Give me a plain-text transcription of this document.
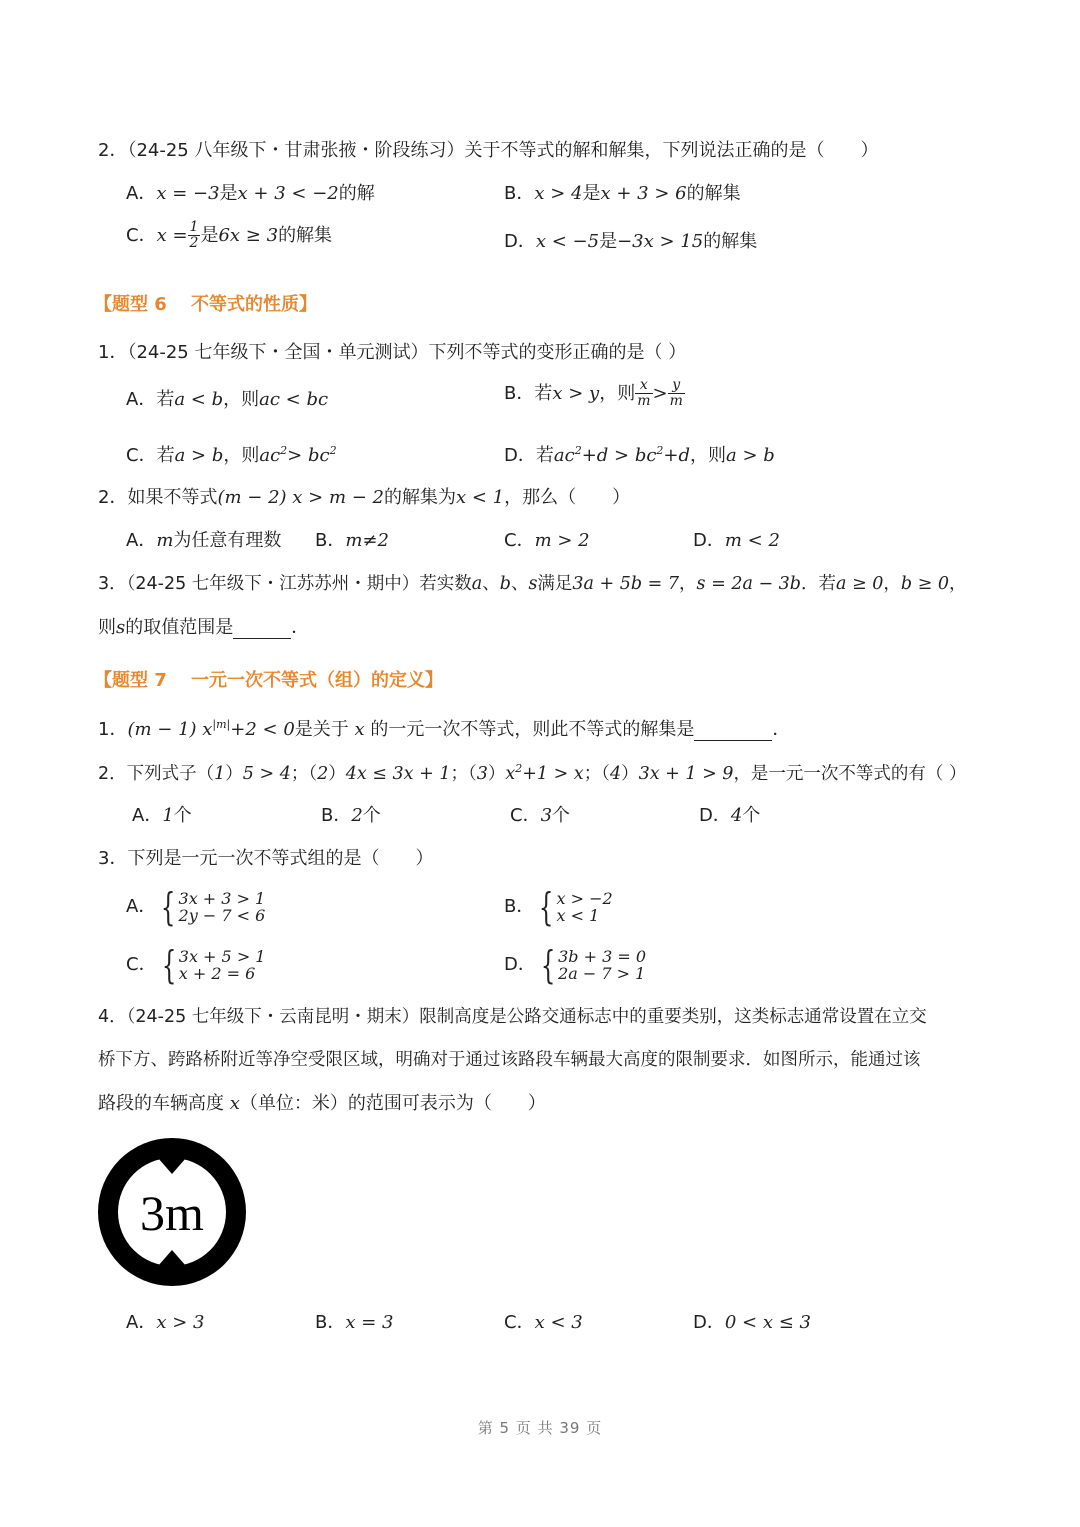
2．（24-25 八年级下・甘肃张掖・阶段练习）关于不等式的解和解集，下列说法正确的是（　　）
A．x = −3是x + 3 < −2的解	B．x > 4是x + 3 > 6的解集
C．$x = \frac{1}{2}$ 是6x ≥ 3的解集	D．x < −5是−3x > 15的解集
【题型 6　 不等式的性质】
1．（24-25 七年级下・全国・单元测试）下列不等式的变形正确的是（ ）
A．若a < b，则ac < bc	B．若x > y，则 $\frac{x}{m} > \frac{y}{m}$
C．若a > b，则$ac^2> bc^2$	D．若$ac^2+d > bc^2+d$，则a > b
2．如果不等式(m − 2) x > m − 2的解集为x < 1，那么（　　）
A．m为任意有理数 B．m≠2	C．m > 2	D．m < 2
3．（24-25 七年级下・江苏苏州・期中）若实数a、b、s满足3a + 5b = 7，s = 2a − 3b．若a ≥ 0，b ≥ 0，
则s的取值范围是	．
【题型 7　 一元一次不等式（组）的定义】
1．(m − 1) $x^{|m|}+2 < 0$是关于 x 的一元一次不等式，则此不等式的解集是	．
2．下列式子（1）5 > 4；（2）4x ≤ 3x + 1；$(3)x^2+1 > x$；（4）3x + 1 > 9，是一元一次不等式的有（ ）
A．1个	B．2个	C．3个	D．4个
3．下列是一元一次不等式组的是（　　）
A． { 3x + 3 > 1
2y − 7 < 6	B． { x > −2
x < 1
C． { 3x + 5 > 1
x + 2 = 6	D． { 3b + 3 = 0
2a − 7 > 1
4．（24-25 七年级下・云南昆明・期末）限制高度是公路交通标志中的重要类别，这类标志通常设置在立交
桥下方、跨路桥附近等净空受限区域，明确对于通过该路段车辆最大高度的限制要求．如图所示，能通过该
路段的车辆高度 x（单位：米）的范围可表示为（　　）
3m
A．x > 3	B．x = 3	C．x < 3	D．0 < x ≤ 3
第 5 页 共 39 页
